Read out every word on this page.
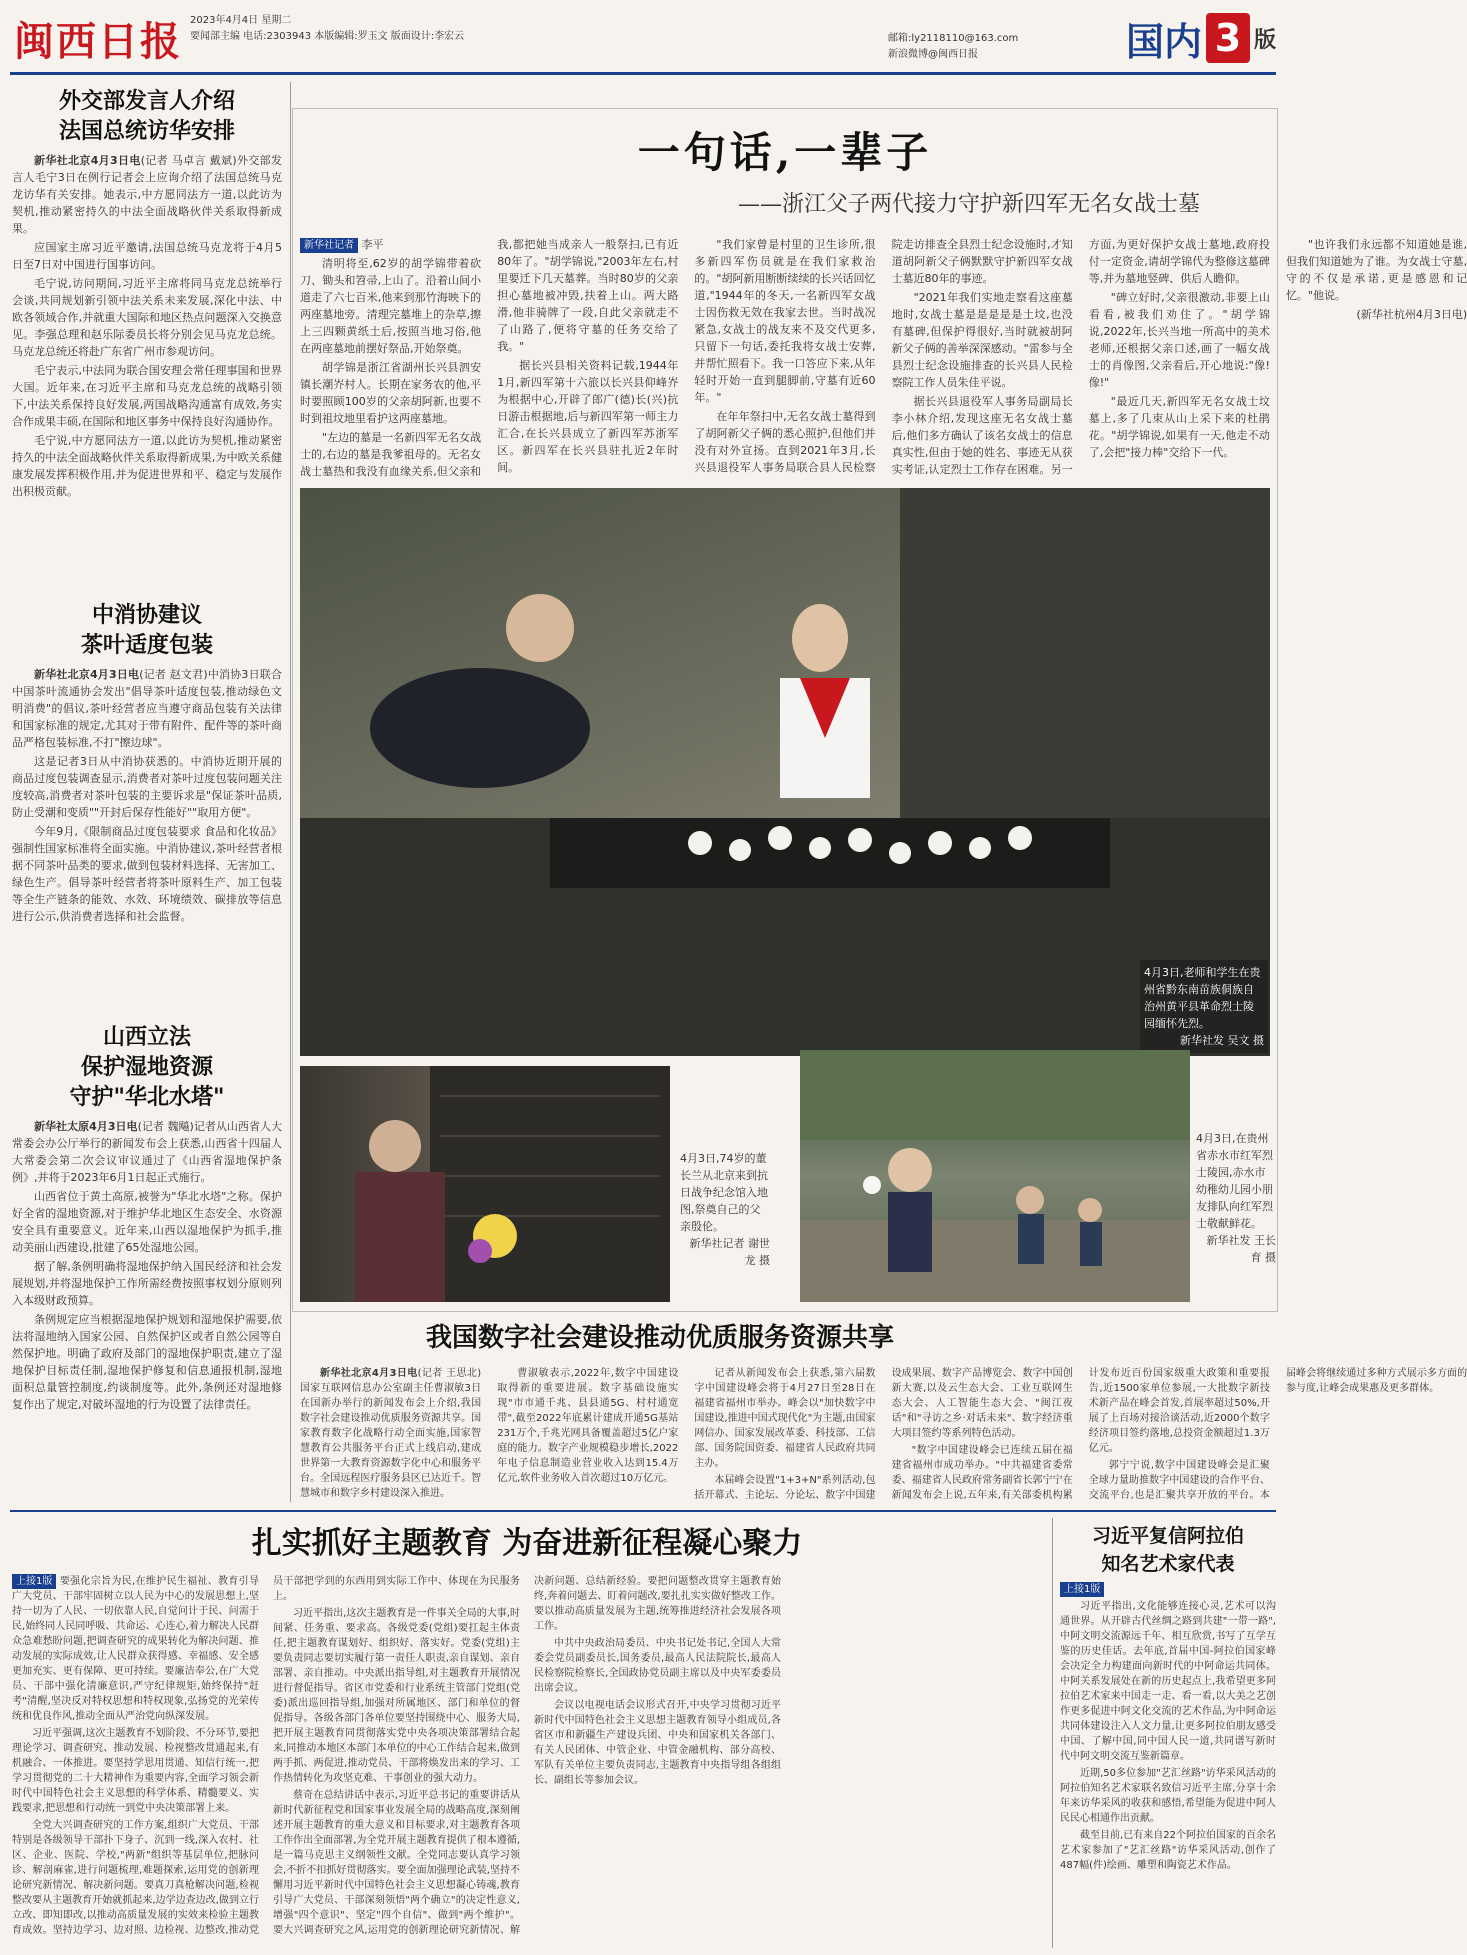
闽西日报 2023年4月4日 星期二
要闻部主编 电话:2303943 本版编辑:罗玉文 版面设计:李宏云	邮箱:ly2118110@163.com
新浪微博@闽西日报	国内 3 版
外交部发言人介绍
法国总统访华安排

新华社北京4月3日电(记者 马卓言 戴斌)外交部发言人毛宁3日在例行记者会上应询介绍了法国总统马克龙访华有关安排。她表示,中方愿同法方一道,以此访为契机,推动紧密持久的中法全面战略伙伴关系取得新成果。

应国家主席习近平邀请,法国总统马克龙将于4月5日至7日对中国进行国事访问。

毛宁说,访问期间,习近平主席将同马克龙总统举行会谈,共同规划新引领中法关系未来发展,深化中法、中欧各领域合作,并就重大国际和地区热点问题深入交换意见。李强总理和赵乐际委员长将分别会见马克龙总统。马克龙总统还将赴广东省广州市参观访问。

毛宁表示,中法同为联合国安理会常任理事国和世界大国。近年来,在习近平主席和马克龙总统的战略引领下,中法关系保持良好发展,两国战略沟通富有成效,务实合作成果丰硕,在国际和地区事务中保持良好沟通协作。

毛宁说,中方愿同法方一道,以此访为契机,推动紧密持久的中法全面战略伙伴关系取得新成果,为中欧关系健康发展发挥积极作用,并为促进世界和平、稳定与发展作出积极贡献。

中消协建议
茶叶适度包装

新华社北京4月3日电(记者 赵文君)中消协3日联合中国茶叶流通协会发出"倡导茶叶适度包装,推动绿色文明消费"的倡议,茶叶经营者应当遵守商品包装有关法律和国家标准的规定,尤其对于带有附件、配件等的茶叶商品严格包装标准,不打"擦边球"。

这是记者3日从中消协获悉的。中消协近期开展的商品过度包装调查显示,消费者对茶叶过度包装问题关注度较高,消费者对茶叶包装的主要诉求是"保证茶叶品质,防止受潮和变质""开封后保存性能好""取用方便"。

今年9月,《限制商品过度包装要求 食品和化妆品》强制性国家标准将全面实施。中消协建议,茶叶经营者根据不同茶叶品类的要求,做到包装材料选择、无害加工、绿色生产。倡导茶叶经营者将茶叶原料生产、加工包装等全生产链条的能效、水效、环境绩效、碳排放等信息进行公示,供消费者选择和社会监督。

山西立法
保护湿地资源
守护"华北水塔"

新华社太原4月3日电(记者 魏飚)记者从山西省人大常委会办公厅举行的新闻发布会上获悉,山西省十四届人大常委会第二次会议审议通过了《山西省湿地保护条例》,并将于2023年6月1日起正式施行。

山西省位于黄土高原,被誉为"华北水塔"之称。保护好全省的湿地资源,对于维护华北地区生态安全、水资源安全具有重要意义。近年来,山西以湿地保护为抓手,推动美丽山西建设,批建了65处湿地公园。

据了解,条例明确将湿地保护纳入国民经济和社会发展规划,并将湿地保护工作所需经费按照事权划分原则列入本级财政预算。

条例规定应当根据湿地保护规划和湿地保护需要,依法将湿地纳入国家公园、自然保护区或者自然公园等自然保护地。明确了政府及部门的湿地保护职责,建立了湿地保护目标责任制,湿地保护修复和信息通报机制,湿地面积总量管控制度,约谈制度等。此外,条例还对湿地修复作出了规定,对破坏湿地的行为设置了法律责任。

一句话,一辈子
——浙江父子两代接力守护新四军无名女战士墓

新华社记者 李平

清明将至,62岁的胡学锦带着砍刀、锄头和笤帚,上山了。沿着山间小道走了六七百米,他来到那竹海映下的两座墓地旁。清理完墓堆上的杂草,擦上三四颗黄纸土后,按照当地习俗,他在两座墓地前摆好祭品,开始祭奠。

胡学锦是浙江省湖州长兴县泗安镇长潮岕村人。长期在家务农的他,平时要照顾100岁的父亲胡阿新,也要不时到祖坟地里看护这两座墓地。

"左边的墓是一名新四军无名女战士的,右边的墓是我爹祖母的。无名女战士墓热和我没有血缘关系,但父亲和我,都把她当成亲人一般祭扫,已有近80年了。"胡学锦说,"2003年左右,村里要迁下几天墓葬。当时80岁的父亲担心墓地被冲毁,扶着上山。两大路滑,他非骑牌了一段,自此父亲就走不了山路了,便将守墓的任务交给了我。"

据长兴县相关资料记载,1944年1月,新四军第十六旅以长兴县仰峰岕为根据中心,开辟了郎广(德)长(兴)抗日游击根据地,后与新四军第一师主力汇合,在长兴县成立了新四军苏浙军区。新四军在长兴县驻扎近2年时间。

"我们家曾是村里的卫生诊所,很多新四军伤员就是在我们家救治的。"胡阿新用断断续续的长兴话回忆道,"1944年的冬天,一名新四军女战士因伤救无效在我家去世。当时战况紧急,女战士的战友来不及交代更多,只留下一句话,委托我将女战士安葬,并帮忙照看下。我一口答应下来,从年轻时开始一直到腿脚前,守墓有近60年。"

在年年祭扫中,无名女战士墓得到了胡阿新父子俩的悉心照护,但他们并没有对外宣扬。直到2021年3月,长兴县退役军人事务局联合县人民检察院走访排查全县烈士纪念设施时,才知道胡阿新父子俩默默守护新四军女战士墓近80年的事迹。

"2021年我们实地走察看这座墓地时,女战士墓是是是是是土坟,也没有墓碑,但保护得很好,当时就被胡阿新父子俩的善举深深感动。"雷参与全县烈士纪念设施排查的长兴县人民检察院工作人员朱佳平说。

据长兴县退役军人事务局副局长李小林介绍,发现这座无名女战士墓后,他们多方确认了该名女战士的信息真实性,但由于她的姓名、事迹无从获实考证,认定烈士工作存在困难。另一方面,为更好保护女战士墓地,政府投付一定资金,请胡学锦代为整修这墓碑等,并为墓地竖碑、供后人瞻仰。

"碑立好时,父亲很激动,非要上山看看,被我们劝住了。"胡学锦说,2022年,长兴当地一所高中的美术老师,还根据父亲口述,画了一幅女战士的肖像图,父亲看后,开心地说:"像!像!"

"最近几天,新四军无名女战士坟墓上,多了几束从山上采下来的杜鹃花。"胡学锦说,如果有一天,他走不动了,会把"接力棒"交给下一代。

"也许我们永远都不知道她是谁,但我们知道她为了谁。为女战士守墓,守的不仅是承诺,更是感恩和记忆。"他说。

(新华社杭州4月3日电)

4月3日,老师和学生在贵州省黔东南苗族侗族自治州黄平县革命烈士陵园缅怀先烈。
新华社发 吴文 摄
4月3日,74岁的董长兰从北京来到抗日战争纪念馆入地图,祭奠自己的父亲殷伦。
新华社记者 谢世龙 摄
4月3日,在贵州省赤水市红军烈士陵园,赤水市幼稚幼儿园小朋友排队向红军烈士敬献鲜花。
新华社发 王长育 摄
我国数字社会建设推动优质服务资源共享

新华社北京4月3日电(记者 王思北)国家互联网信息办公室副主任曹淑敏3日在国新办举行的新闻发布会上介绍,我国数字社会建设推动优质服务资源共享。国家教育数字化战略行动全面实施,国家智慧教育公共服务平台正式上线启动,建成世界第一大教育资源数字化中心和服务平台。全国远程医疗服务县区已达近千。智慧城市和数字乡村建设深入推进。

曹淑敏表示,2022年,数字中国建设取得新的重要进展。数字基础设施实现"市市通千兆、县县通5G、村村通宽带",截至2022年底累计建成开通5G基站231万个,千兆光网具备覆盖超过5亿户家庭的能力。数字产业规模稳步增长,2022年电子信息制造业营业收入达到15.4万亿元,软件业务收入首次超过10万亿元。

记者从新闻发布会上获悉,第六届数字中国建设峰会将于4月27日至28日在福建省福州市举办。峰会以"加快数字中国建设,推进中国式现代化"为主题,由国家网信办、国家发展改革委、科技部、工信部、国务院国资委、福建省人民政府共同主办。

本届峰会设置"1+3+N"系列活动,包括开幕式、主论坛、分论坛、数字中国建设成果展、数字产品博览会、数字中国创新大赛,以及云生态大会、工业互联网生态大会、人工智能生态大会、"闽江夜话"和"寻访之乡·对话未来"、数字经济重大项目签约等系列特色活动。

"数字中国建设峰会已连续五届在福建省福州市成功举办。"中共福建省委常委、福建省人民政府常务副省长郭宁宁在新闻发布会上说,五年来,有关部委机构累计发布近百份国家级重大政策和重要报告,近1500家单位参展,一大批数字新技术新产品在峰会首发,首展率超过50%,开展了上百场对接洽谈活动,近2000个数字经济项目签约落地,总投资金额超过1.3万亿元。

郭宁宁说,数字中国建设峰会是汇聚全球力量助推数字中国建设的合作平台、交流平台,也是汇聚共享开放的平台。本届峰会将继续通过多种方式展示多方面的参与度,让峰会成果惠及更多群体。

扎实抓好主题教育 为奋进新征程凝心聚力

上接1版 要强化宗旨为民,在维护民生福祉、教育引导广大党员、干部牢固树立以人民为中心的发展思想上,坚持一切为了人民、一切依靠人民,自觉问计于民、问需于民,始终同人民同呼吸、共命运、心连心,着力解决人民群众急难愁盼问题,把调查研究的成果转化为解决问题、推动发展的实际成效,让人民群众获得感、幸福感、安全感更加充实、更有保障、更可持续。要廉洁奉公,在广大党员、干部中强化清廉意识,严守纪律规矩,始终保持"赶考"清醒,坚决反对特权思想和特权现象,弘扬党的光荣传统和优良作风,推动全面从严治党向纵深发展。

习近平强调,这次主题教育不划阶段、不分环节,要把理论学习、调查研究、推动发展、检视整改贯通起来,有机融合、一体推进。要坚持学思用贯通、知信行统一,把学习贯彻党的二十大精神作为重要内容,全面学习领会新时代中国特色社会主义思想的科学体系、精髓要义、实践要求,把思想和行动统一到党中央决策部署上来。

全党大兴调查研究的工作方案,组织广大党员、干部特别是各级领导干部扑下身子、沉到一线,深入农村、社区、企业、医院、学校,"两新"组织等基层单位,把脉问诊、解剖麻雀,进行问题梳理,难题探索,运用党的创新理论研究新情况、解决新问题。要真刀真枪解决问题,检视整改要从主题教育开始就抓起来,边学边查边改,做到立行立改、即知即改,以推动高质量发展的实效来检验主题教育成效。坚持边学习、边对照、边检视、边整改,推动党员干部把学到的东西用到实际工作中、体现在为民服务上。

习近平指出,这次主题教育是一件事关全局的大事,时间紧、任务重、要求高。各级党委(党组)要扛起主体责任,把主题教育谋划好、组织好、落实好。党委(党组)主要负责同志要切实履行第一责任人职责,亲自谋划、亲自部署、亲自推动。中央派出指导组,对主题教育开展情况进行督促指导。省区市党委和行业系统主管部门党组(党委)派出巡回指导组,加强对所属地区、部门和单位的督促指导。各级各部门各单位要坚持围绕中心、服务大局,把开展主题教育同贯彻落实党中央各项决策部署结合起来,同推动本地区本部门本单位的中心工作结合起来,做到两手抓、两促进,推动党员、干部将焕发出来的学习、工作热情转化为攻坚克难、干事创业的强大动力。

蔡奇在总结讲话中表示,习近平总书记的重要讲话从新时代新征程党和国家事业发展全局的战略高度,深刻阐述开展主题教育的重大意义和目标要求,对主题教育各项工作作出全面部署,为全党开展主题教育提供了根本遵循,是一篇马克思主义纲领性文献。全党同志要认真学习领会,不折不扣抓好贯彻落实。要全面加强理论武装,坚持不懈用习近平新时代中国特色社会主义思想凝心铸魂,教育引导广大党员、干部深刻领悟"两个确立"的决定性意义,增强"四个意识"、坚定"四个自信"、做到"两个维护"。要大兴调查研究之风,运用党的创新理论研究新情况、解决新问题、总结新经验。要把问题整改贯穿主题教育始终,奔着问题去、盯着问题改,要扎扎实实做好整改工作。要以推动高质量发展为主题,统筹推进经济社会发展各项工作。

中共中央政治局委员、中央书记处书记,全国人大常委会党员副委员长,国务委员,最高人民法院院长,最高人民检察院检察长,全国政协党员副主席以及中央军委委员出席会议。

会议以电视电话会议形式召开,中央学习贯彻习近平新时代中国特色社会主义思想主题教育领导小组成员,各省区市和新疆生产建设兵团、中央和国家机关各部门、有关人民团体、中管企业、中管金融机构、部分高校、军队有关单位主要负责同志,主题教育中央指导组各组组长、副组长等参加会议。

习近平复信阿拉伯
知名艺术家代表

上接1版

习近平指出,文化能够连接心灵,艺术可以沟通世界。从开辟古代丝绸之路到共建"一带一路",中阿文明交流源远千年、相互欣赏,书写了互学互鉴的历史佳话。去年底,首届中国-阿拉伯国家峰会决定全力构建面向新时代的中阿命运共同体。中阿关系发展处在新的历史起点上,我希望更多阿拉伯艺术家来中国走一走、看一看,以大美之艺创作更多促进中阿文化交流的艺术作品,为中阿命运共同体建设注入人文力量,让更多阿拉伯朋友感受中国、了解中国,同中国人民一道,共同谱写新时代中阿文明交流互鉴新篇章。

近期,50多位参加"艺汇丝路"访华采风活动的阿拉伯知名艺术家联名致信习近平主席,分享十余年来访华采风的收获和感悟,希望能为促进中阿人民民心相通作出贡献。

截至目前,已有来自22个阿拉伯国家的百余名艺术家参加了"艺汇丝路"访华采风活动,创作了487幅(件)绘画、雕塑和陶瓷艺术作品。
